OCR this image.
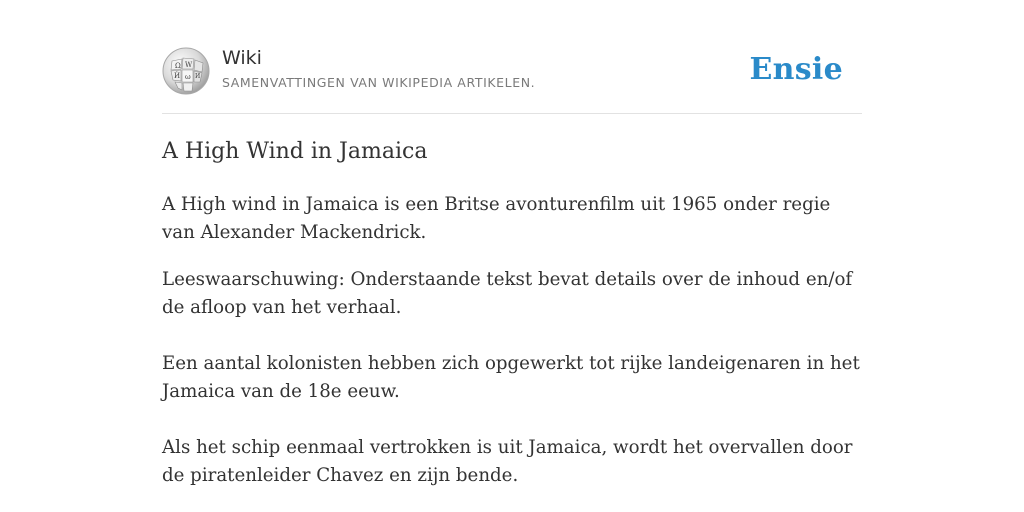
Ω W
Ѝ ω И
Wiki
SAMENVATTINGEN VAN WIKIPEDIA ARTIKELEN.	Ensie
A High Wind in Jamaica

A High wind in Jamaica is een Britse avonturenfilm uit 1965 onder regie van Alexander Mackendrick.

Leeswaarschuwing: Onderstaande tekst bevat details over de inhoud en/of de afloop van het verhaal.

Een aantal kolonisten hebben zich opgewerkt tot rijke landeigenaren in het Jamaica van de 18e eeuw.

Als het schip eenmaal vertrokken is uit Jamaica, wordt het overvallen door de piratenleider Chavez en zijn bende.
